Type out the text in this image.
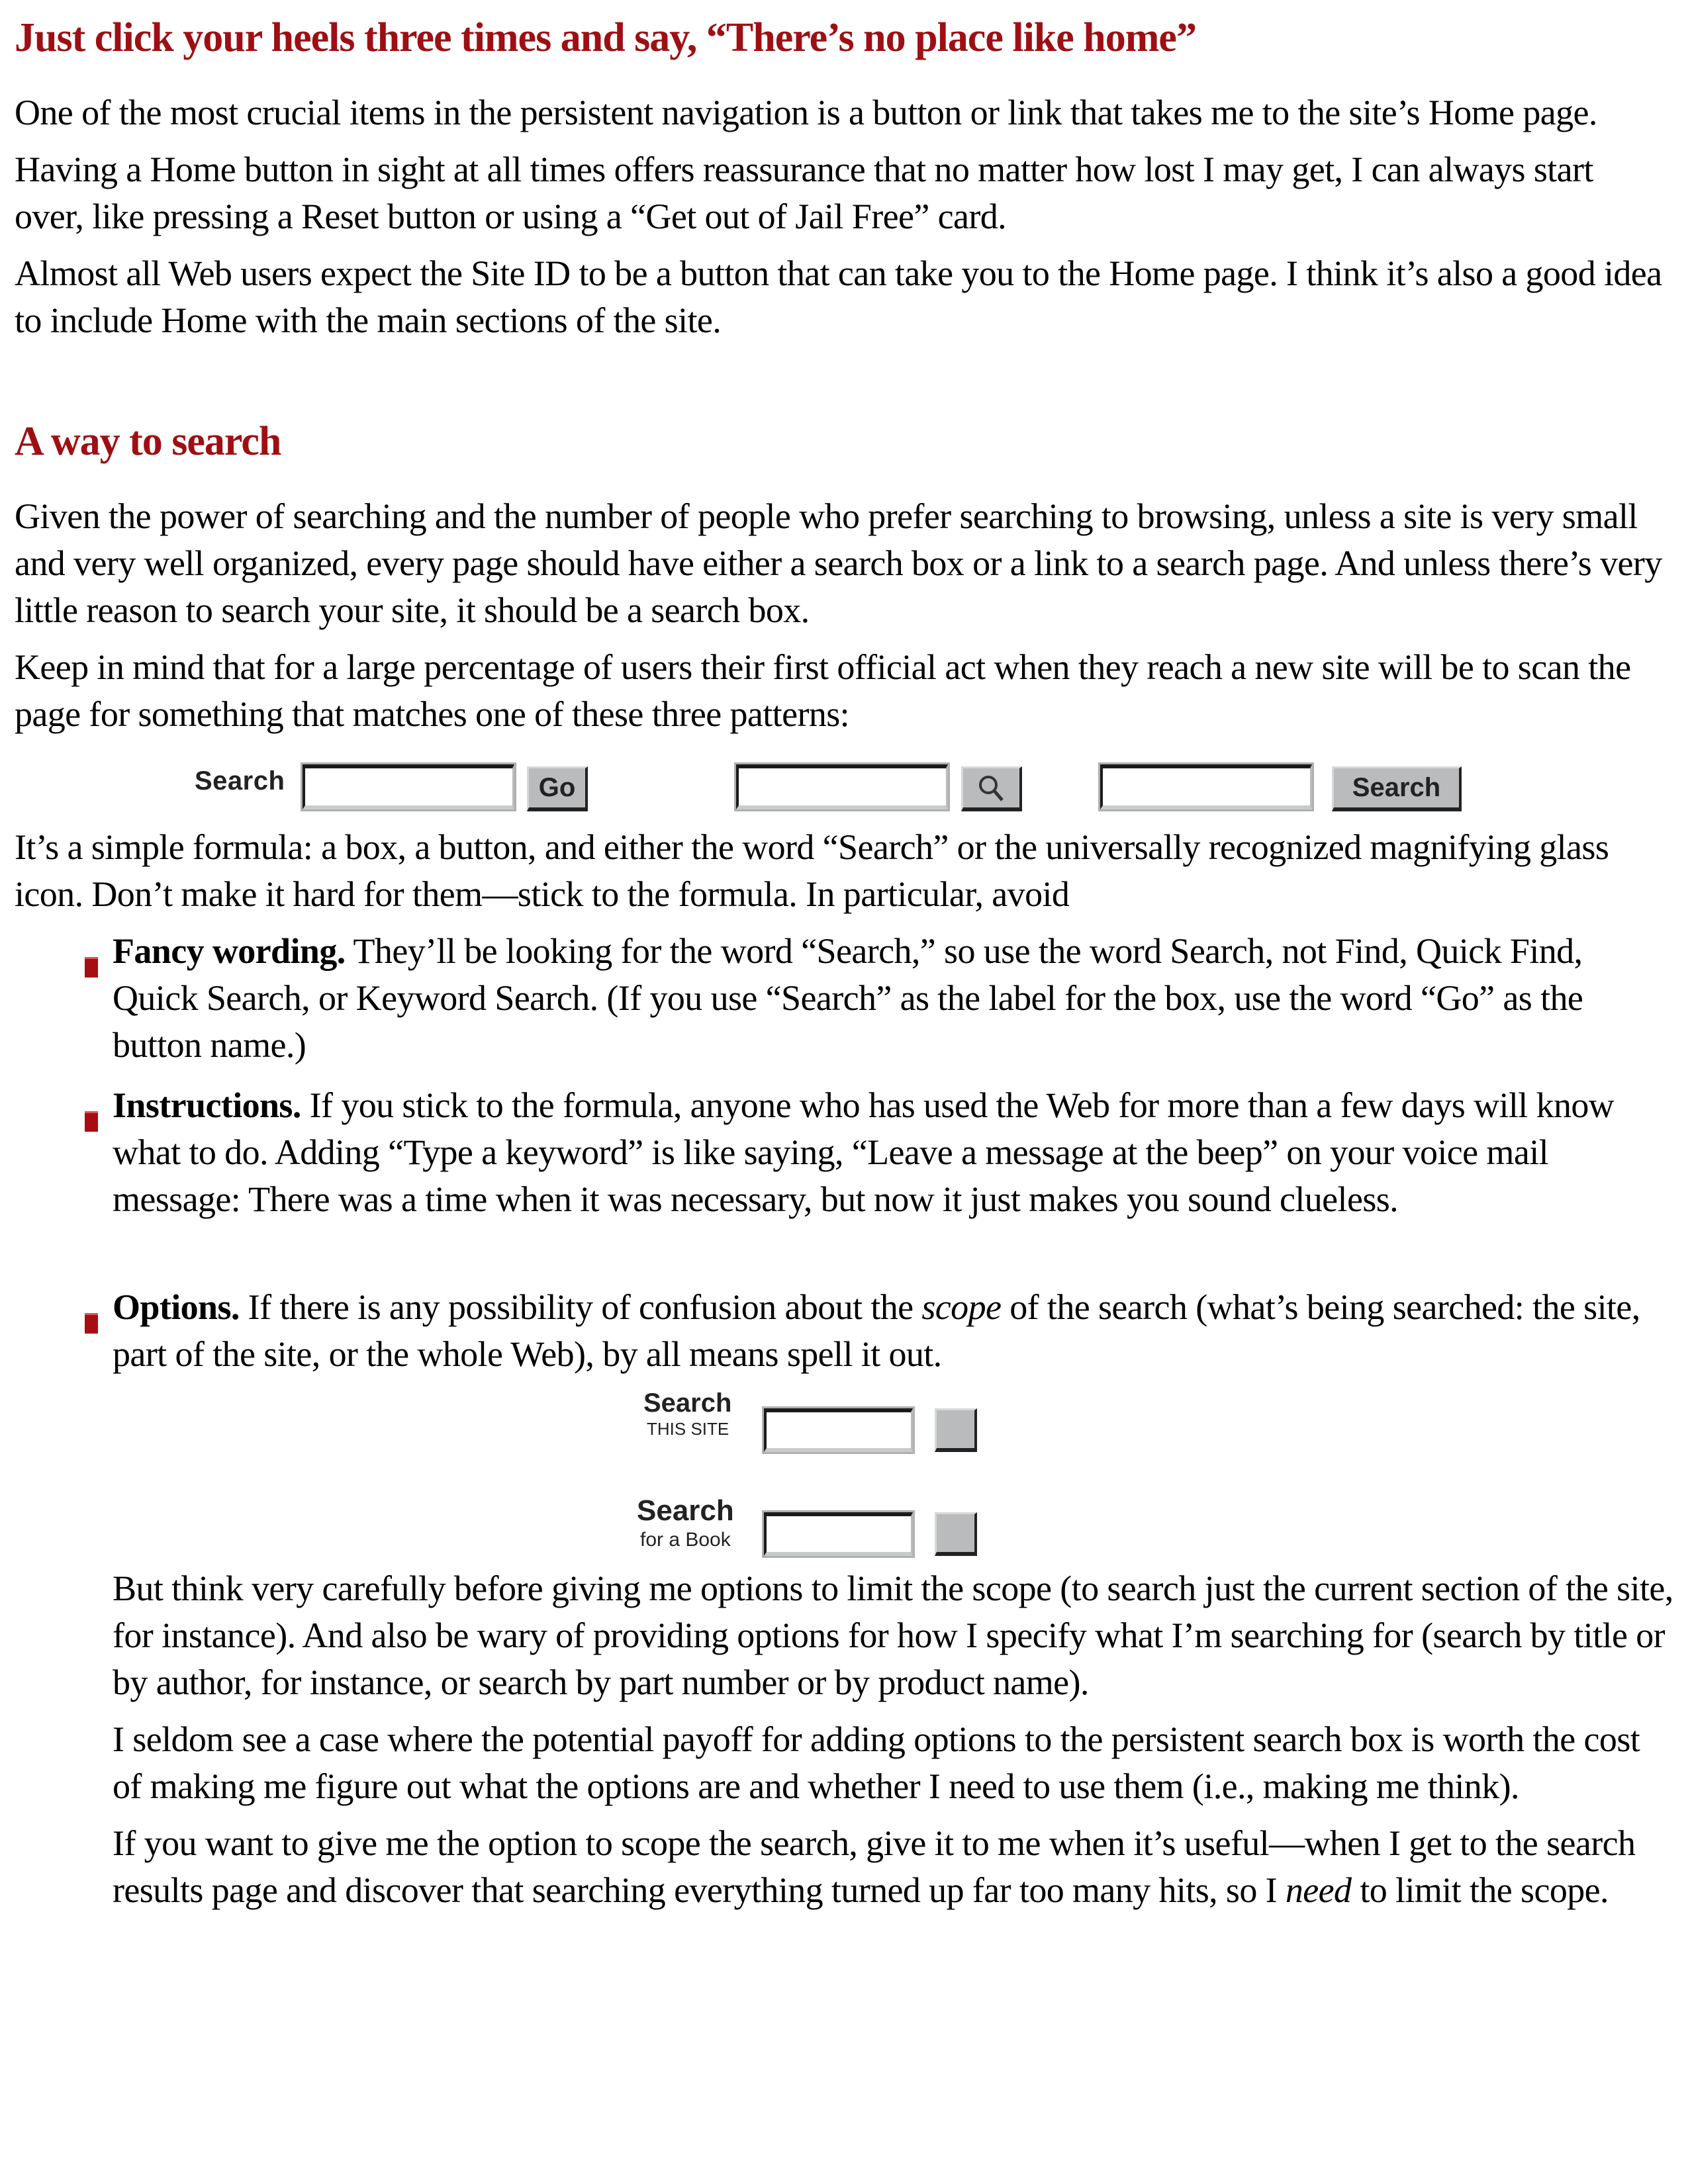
Just click your heels three times and say, “There’s no place like home”

One of the most crucial items in the persistent navigation is a button or link that takes me to the site’s Home page.

Having a Home button in sight at all times offers reassurance that no matter how lost I may get, I can always start over, like pressing a Reset button or using a “Get out of Jail Free” card.

Almost all Web users expect the Site ID to be a button that can take you to the Home page. I think it’s also a good idea to include Home with the main sections of the site.

A way to search

Given the power of searching and the number of people who prefer searching to browsing, unless a site is very small and very well organized, every page should have either a search box or a link to a search page. And unless there’s very little reason to search your site, it should be a search box.

Keep in mind that for a large percentage of users their first official act when they reach a new site will be to scan the page for something that matches one of these three patterns:

Search	Go	Search

It’s a simple formula: a box, a button, and either the word “Search” or the universally recognized magnifying glass icon. Don’t make it hard for them—stick to the formula. In particular, avoid

Fancy wording. They’ll be looking for the word “Search,” so use the word Search, not Find, Quick Find, Quick Search, or Keyword Search. (If you use “Search” as the label for the box, use the word “Go” as the button name.)

Instructions. If you stick to the formula, anyone who has used the Web for more than a few days will know what to do. Adding “Type a keyword” is like saying, “Leave a message at the beep” on your voice mail message: There was a time when it was necessary, but now it just makes you sound clueless.

Options. If there is any possibility of confusion about the scope of the search (what’s being searched: the site, part of the site, or the whole Web), by all means spell it out.

Search
THIS SITE
Search
for a Book

But think very carefully before giving me options to limit the scope (to search just the current section of the site, for instance). And also be wary of providing options for how I specify what I’m searching for (search by title or by author, for instance, or search by part number or by product name).

I seldom see a case where the potential payoff for adding options to the persistent search box is worth the cost of making me figure out what the options are and whether I need to use them (i.e., making me think).

If you want to give me the option to scope the search, give it to me when it’s useful—when I get to the search results page and discover that searching everything turned up far too many hits, so I need to limit the scope.
